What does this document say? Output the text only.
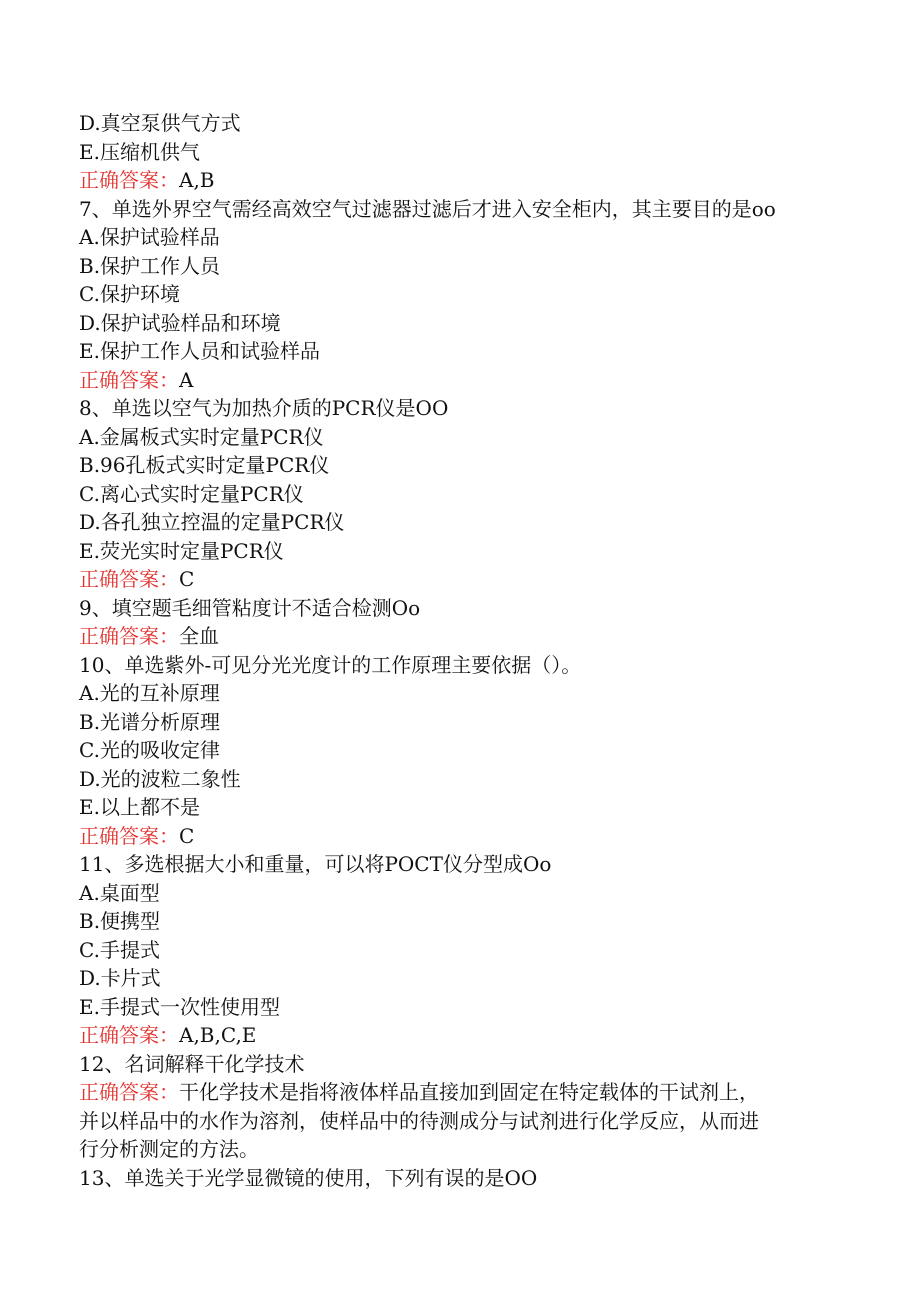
D.真空泵供气方式
E.压缩机供气
正确答案：A,B
7、单选外界空气需经高效空气过滤器过滤后才进入安全柜内，其主要目的是oo
A.保护试验样品
B.保护工作人员
C.保护环境
D.保护试验样品和环境
E.保护工作人员和试验样品
正确答案：A
8、单选以空气为加热介质的PCR仪是OO
A.金属板式实时定量PCR仪
B.96孔板式实时定量PCR仪
C.离心式实时定量PCR仪
D.各孔独立控温的定量PCR仪
E.荧光实时定量PCR仪
正确答案：C
9、填空题毛细管粘度计不适合检测Oo
正确答案：全血
10、单选紫外-可见分光光度计的工作原理主要依据（）。
A.光的互补原理
B.光谱分析原理
C.光的吸收定律
D.光的波粒二象性
E.以上都不是
正确答案：C
11、多选根据大小和重量，可以将POCT仪分型成Oo
A.桌面型
B.便携型
C.手提式
D.卡片式
E.手提式一次性使用型
正确答案：A,B,C,E
12、名词解释干化学技术
正确答案：干化学技术是指将液体样品直接加到固定在特定载体的干试剂上，
并以样品中的水作为溶剂，使样品中的待测成分与试剂进行化学反应，从而进
行分析测定的方法。
13、单选关于光学显微镜的使用，下列有误的是OO
